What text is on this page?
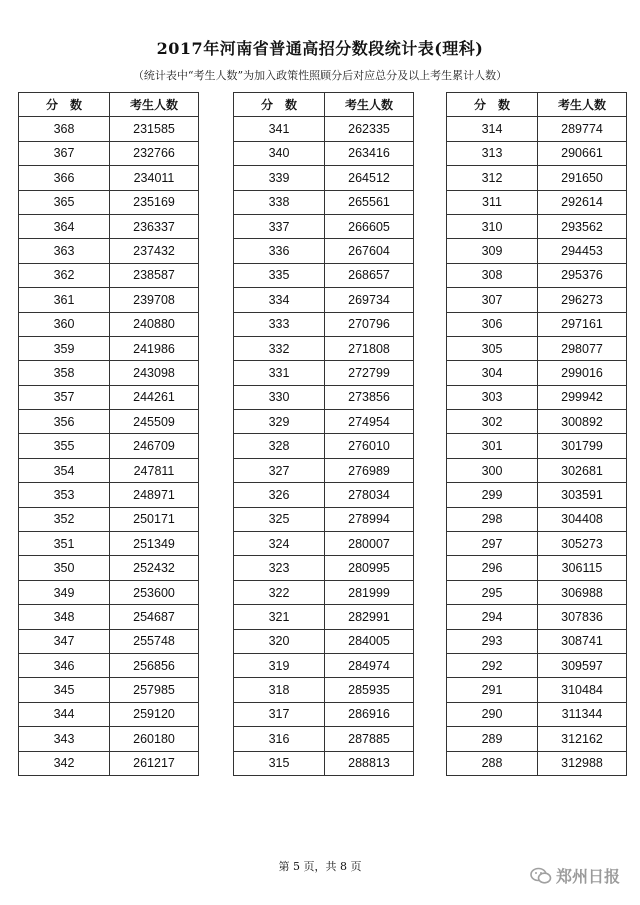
2017年河南省普通高招分数段统计表(理科)
（统计表中“考生人数”为加入政策性照顾分后对应总分及以上考生累计人数）
分　数	考生人数
368	231585
367	232766
366	234011
365	235169
364	236337
363	237432
362	238587
361	239708
360	240880
359	241986
358	243098
357	244261
356	245509
355	246709
354	247811
353	248971
352	250171
351	251349
350	252432
349	253600
348	254687
347	255748
346	256856
345	257985
344	259120
343	260180
342	261217
分　数	考生人数
341	262335
340	263416
339	264512
338	265561
337	266605
336	267604
335	268657
334	269734
333	270796
332	271808
331	272799
330	273856
329	274954
328	276010
327	276989
326	278034
325	278994
324	280007
323	280995
322	281999
321	282991
320	284005
319	284974
318	285935
317	286916
316	287885
315	288813
分　数	考生人数
314	289774
313	290661
312	291650
311	292614
310	293562
309	294453
308	295376
307	296273
306	297161
305	298077
304	299016
303	299942
302	300892
301	301799
300	302681
299	303591
298	304408
297	305273
296	306115
295	306988
294	307836
293	308741
292	309597
291	310484
290	311344
289	312162
288	312988
第 5 页，共 8 页
郑州日报
